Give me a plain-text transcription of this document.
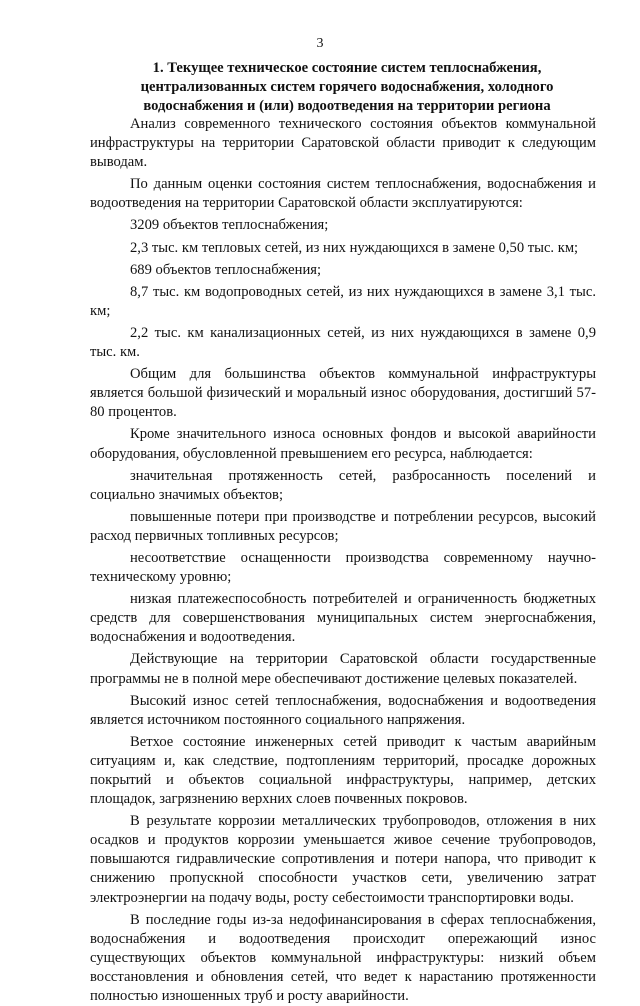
3
1. Текущее техническое состояние систем теплоснабжения, централизованных систем горячего водоснабжения, холодного водоснабжения и (или) водоотведения на территории региона

Анализ современного технического состояния объектов коммунальной инфраструктуры на территории Саратовской области приводит к следующим выводам.

По данным оценки состояния систем теплоснабжения, водоснабжения и водоотведения на территории Саратовской области эксплуатируются:

3209 объектов теплоснабжения;

2,3 тыс. км тепловых сетей, из них нуждающихся в замене 0,50 тыс. км;

689 объектов теплоснабжения;

8,7 тыс. км водопроводных сетей, из них нуждающихся в замене 3,1 тыс. км;

2,2 тыс. км канализационных сетей, из них нуждающихся в замене 0,9 тыс. км.

Общим для большинства объектов коммунальной инфраструктуры является большой физический и моральный износ оборудования, достигший 57-80 процентов.

Кроме значительного износа основных фондов и высокой аварийности оборудования, обусловленной превышением его ресурса, наблюдается:

значительная протяженность сетей, разбросанность поселений и социально значимых объектов;

повышенные потери при производстве и потреблении ресурсов, высокий расход первичных топливных ресурсов;

несоответствие оснащенности производства современному научно-техническому уровню;

низкая платежеспособность потребителей и ограниченность бюджетных средств для совершенствования муниципальных систем энергоснабжения, водоснабжения и водоотведения.

Действующие на территории Саратовской области государственные программы не в полной мере обеспечивают достижение целевых показателей.

Высокий износ сетей теплоснабжения, водоснабжения и водоотведения является источником постоянного социального напряжения.

Ветхое состояние инженерных сетей приводит к частым аварийным ситуациям и, как следствие, подтоплениям территорий, просадке дорожных покрытий и объектов социальной инфраструктуры, например, детских площадок, загрязнению верхних слоев почвенных покровов.

В результате коррозии металлических трубопроводов, отложения в них осадков и продуктов коррозии уменьшается живое сечение трубопроводов, повышаются гидравлические сопротивления и потери напора, что приводит к снижению пропускной способности участков сети, увеличению затрат электроэнергии на подачу воды, росту себестоимости транспортировки воды.

В последние годы из-за недофинансирования в сферах теплоснабжения, водоснабжения и водоотведения происходит опережающий износ существующих объектов коммунальной инфраструктуры: низкий объем восстановления и обновления сетей, что ведет к нарастанию протяженности полностью изношенных труб и росту аварийности.
